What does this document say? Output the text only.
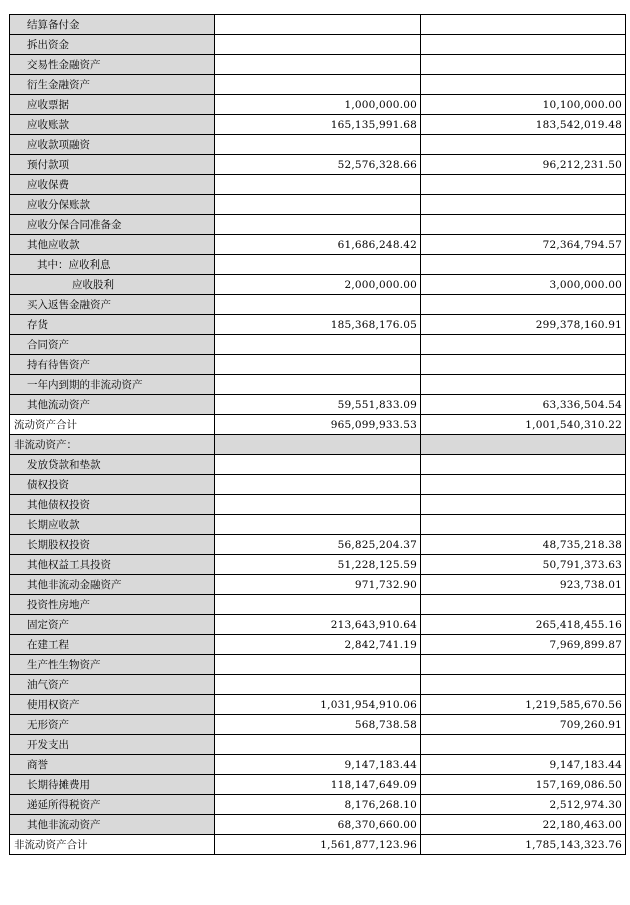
结算备付金		
拆出资金		
交易性金融资产		
衍生金融资产		
应收票据	1,000,000.00	10,100,000.00
应收账款	165,135,991.68	183,542,019.48
应收款项融资		
预付款项	52,576,328.66	96,212,231.50
应收保费		
应收分保账款		
应收分保合同准备金		
其他应收款	61,686,248.42	72,364,794.57
其中：应收利息		
应收股利	2,000,000.00	3,000,000.00
买入返售金融资产		
存货	185,368,176.05	299,378,160.91
合同资产		
持有待售资产		
一年内到期的非流动资产		
其他流动资产	59,551,833.09	63,336,504.54
流动资产合计	965,099,933.53	1,001,540,310.22
非流动资产：		
发放贷款和垫款		
债权投资		
其他债权投资		
长期应收款		
长期股权投资	56,825,204.37	48,735,218.38
其他权益工具投资	51,228,125.59	50,791,373.63
其他非流动金融资产	971,732.90	923,738.01
投资性房地产		
固定资产	213,643,910.64	265,418,455.16
在建工程	2,842,741.19	7,969,899.87
生产性生物资产		
油气资产		
使用权资产	1,031,954,910.06	1,219,585,670.56
无形资产	568,738.58	709,260.91
开发支出		
商誉	9,147,183.44	9,147,183.44
长期待摊费用	118,147,649.09	157,169,086.50
递延所得税资产	8,176,268.10	2,512,974.30
其他非流动资产	68,370,660.00	22,180,463.00
非流动资产合计	1,561,877,123.96	1,785,143,323.76
